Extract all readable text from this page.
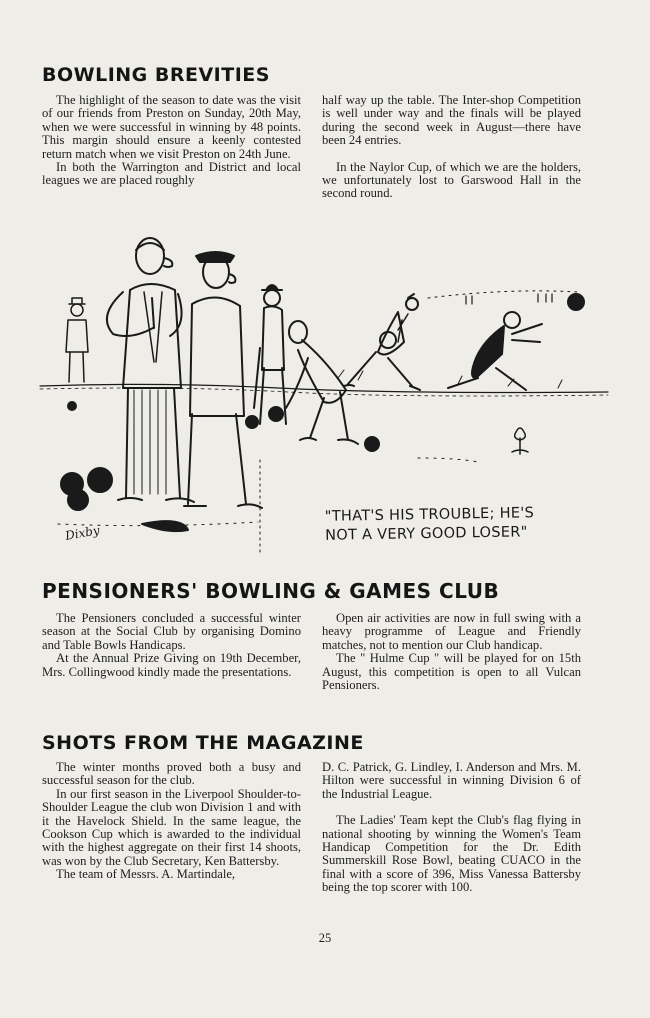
BOWLING BREVITIES

The highlight of the season to date was the visit of our friends from Preston on Sunday, 20th May, when we were successful in winning by 48 points. This margin should ensure a keenly contested return match when we visit Preston on 24th June.

In both the Warrington and District and local leagues we are placed roughly

half way up the table. The Inter-shop Competition is well under way and the finals will be played during the second week in August—there have been 24 entries.

In the Naylor Cup, of which we are the holders, we unfortunately lost to Garswood Hall in the second round.

Dixby
"THAT'S HIS TROUBLE; HE'S
NOT A VERY GOOD LOSER"
PENSIONERS' BOWLING & GAMES CLUB

The Pensioners concluded a successful winter season at the Social Club by organising Domino and Table Bowls Handicaps.

At the Annual Prize Giving on 19th December, Mrs. Collingwood kindly made the presentations.

Open air activities are now in full swing with a heavy programme of League and Friendly matches, not to mention our Club handicap.

The " Hulme Cup " will be played for on 15th August, this competition is open to all Vulcan Pensioners.

SHOTS FROM THE MAGAZINE

The winter months proved both a busy and successful season for the club.

In our first season in the Liverpool Shoulder-to-Shoulder League the club won Division 1 and with it the Havelock Shield. In the same league, the Cookson Cup which is awarded to the individual with the highest aggregate on their first 14 shoots, was won by the Club Secretary, Ken Battersby.

The team of Messrs. A. Martindale,

D. C. Patrick, G. Lindley, I. Anderson and Mrs. M. Hilton were successful in winning Division 6 of the Industrial League.

The Ladies' Team kept the Club's flag flying in national shooting by winning the Women's Team Handicap Competition for the Dr. Edith Summerskill Rose Bowl, beating CUACO in the final with a score of 396, Miss Vanessa Battersby being the top scorer with 100.

25
